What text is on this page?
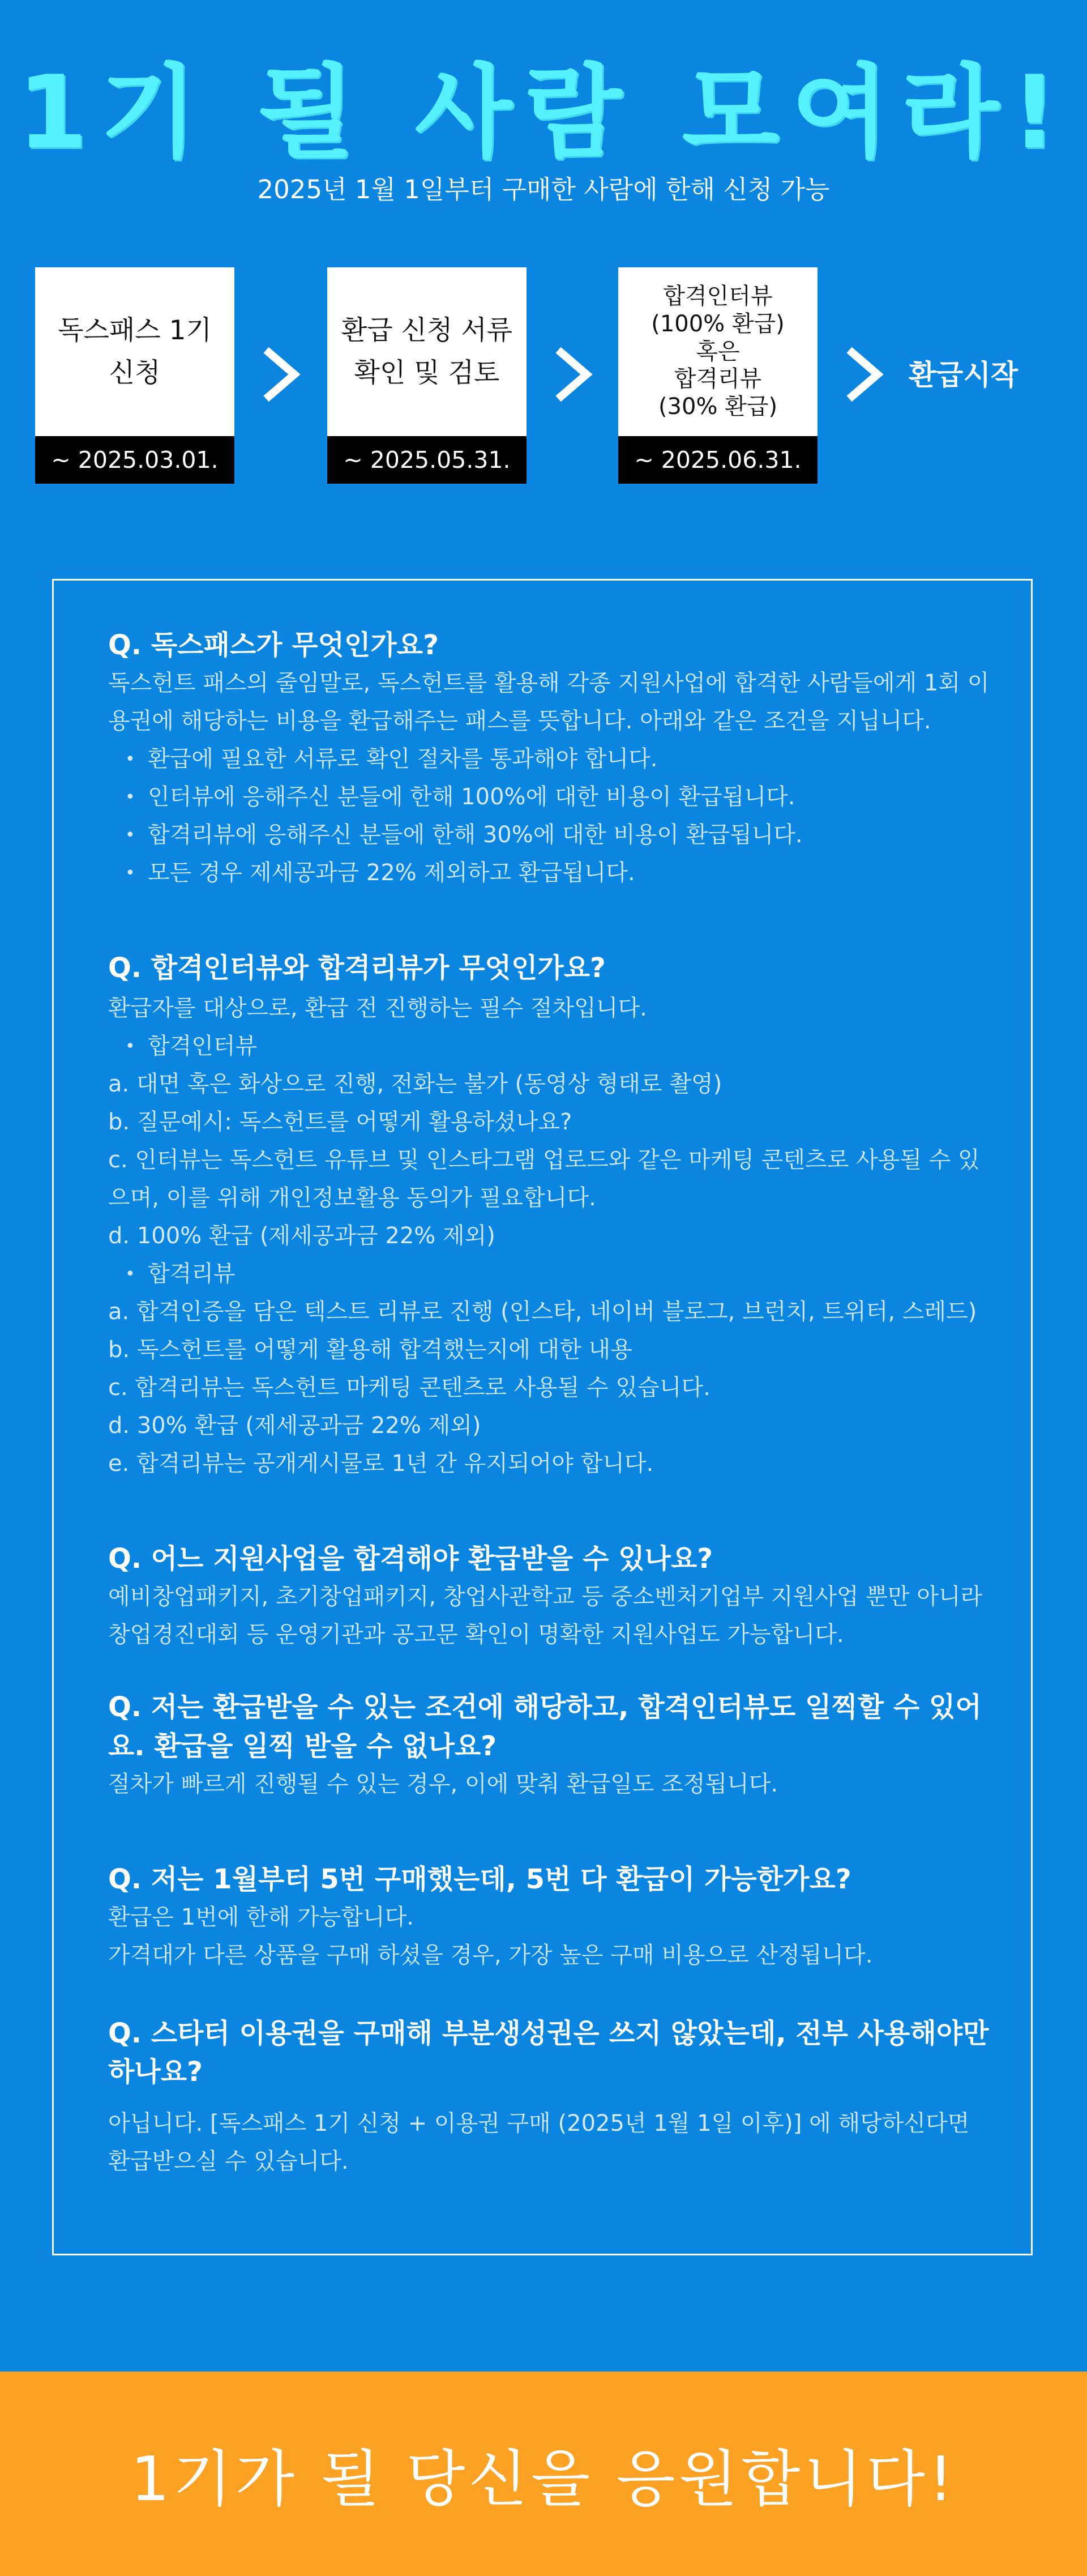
1기 될 사람 모여라!

2025년 1월 1일부터 구매한 사람에 한해 신청 가능

독스패스 1기
신청
~ 2025.03.01.
환급 신청 서류
확인 및 검토
~ 2025.05.31.
합격인터뷰
(100% 환급)
혹은
합격리뷰
(30% 환급)
~ 2025.06.31.
환급시작
Q. 독스패스가 무엇인가요?
독스헌트 패스의 줄임말로, 독스헌트를 활용해 각종 지원사업에 합격한 사람들에게 1회 이용권에 해당하는 비용을 환급해주는 패스를 뜻합니다. 아래와 같은 조건을 지닙니다.
• 환급에 필요한 서류로 확인 절차를 통과해야 합니다.
• 인터뷰에 응해주신 분들에 한해 100%에 대한 비용이 환급됩니다.
• 합격리뷰에 응해주신 분들에 한해 30%에 대한 비용이 환급됩니다.
• 모든 경우 제세공과금 22% 제외하고 환급됩니다.
Q. 합격인터뷰와 합격리뷰가 무엇인가요?
환급자를 대상으로, 환급 전 진행하는 필수 절차입니다.
• 합격인터뷰
a. 대면 혹은 화상으로 진행, 전화는 불가 (동영상 형태로 촬영)
b. 질문예시: 독스헌트를 어떻게 활용하셨나요?
c. 인터뷰는 독스헌트 유튜브 및 인스타그램 업로드와 같은 마케팅 콘텐츠로 사용될 수 있으며, 이를 위해 개인정보활용 동의가 필요합니다.
d. 100% 환급 (제세공과금 22% 제외)
• 합격리뷰
a. 합격인증을 담은 텍스트 리뷰로 진행 (인스타, 네이버 블로그, 브런치, 트위터, 스레드)
b. 독스헌트를 어떻게 활용해 합격했는지에 대한 내용
c. 합격리뷰는 독스헌트 마케팅 콘텐츠로 사용될 수 있습니다.
d. 30% 환급 (제세공과금 22% 제외)
e. 합격리뷰는 공개게시물로 1년 간 유지되어야 합니다.
Q. 어느 지원사업을 합격해야 환급받을 수 있나요?
예비창업패키지, 초기창업패키지, 창업사관학교 등 중소벤처기업부 지원사업 뿐만 아니라 창업경진대회 등 운영기관과 공고문 확인이 명확한 지원사업도 가능합니다.
Q. 저는 환급받을 수 있는 조건에 해당하고, 합격인터뷰도 일찍할 수 있어요. 환급을 일찍 받을 수 없나요?
절차가 빠르게 진행될 수 있는 경우, 이에 맞춰 환급일도 조정됩니다.
Q. 저는 1월부터 5번 구매했는데, 5번 다 환급이 가능한가요?
환급은 1번에 한해 가능합니다.
가격대가 다른 상품을 구매 하셨을 경우, 가장 높은 구매 비용으로 산정됩니다.
Q. 스타터 이용권을 구매해 부분생성권은 쓰지 않았는데, 전부 사용해야만 하나요?
아닙니다. [독스패스 1기 신청 + 이용권 구매 (2025년 1월 1일 이후)] 에 해당하신다면 환급받으실 수 있습니다.
1기가 될 당신을 응원합니다!
